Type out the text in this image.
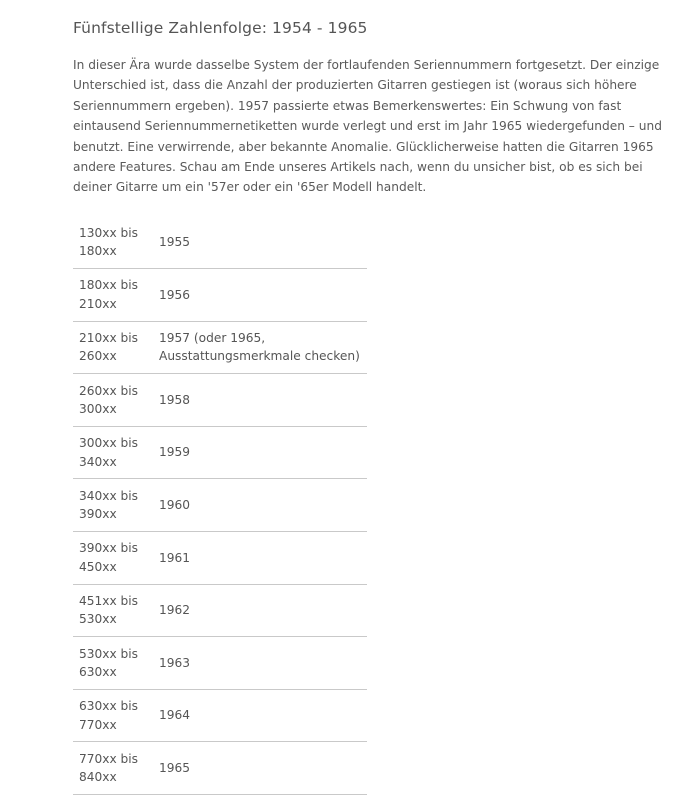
Fünfstellige Zahlenfolge: 1954 - 1965

In dieser Ära wurde dasselbe System der fortlaufenden Seriennummern fortgesetzt. Der einzige Unterschied ist, dass die Anzahl der produzierten Gitarren gestiegen ist (woraus sich höhere Seriennummern ergeben). 1957 passierte etwas Bemerkenswertes: Ein Schwung von fast eintausend Seriennummernetiketten wurde verlegt und erst im Jahr 1965 wiedergefunden – und benutzt. Eine verwirrende, aber bekannte Anomalie. Glücklicherweise hatten die Gitarren 1965 andere Features. Schau am Ende unseres Artikels nach, wenn du unsicher bist, ob es sich bei deiner Gitarre um ein '57er oder ein '65er Modell handelt.

130xx bis 180xx	1955
180xx bis 210xx	1956
210xx bis 260xx	1957 (oder 1965, Ausstattungsmerkmale checken)
260xx bis 300xx	1958
300xx bis 340xx	1959
340xx bis 390xx	1960
390xx bis 450xx	1961
451xx bis 530xx	1962
530xx bis 630xx	1963
630xx bis 770xx	1964
770xx bis 840xx	1965
